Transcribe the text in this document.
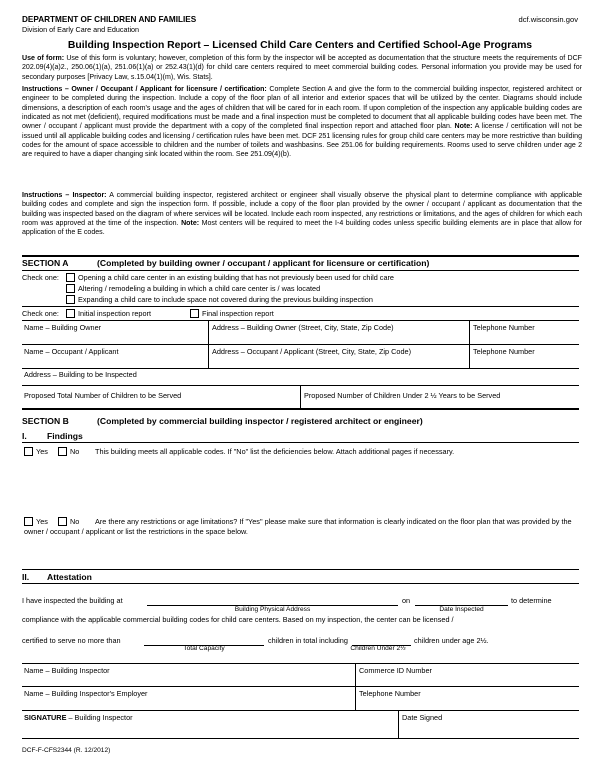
DEPARTMENT OF CHILDREN AND FAMILIES
Division of Early Care and Education
dcf.wisconsin.gov
Building Inspection Report – Licensed Child Care Centers and Certified School-Age Programs
Use of form: Use of this form is voluntary; however, completion of this form by the inspector will be accepted as documentation that the structure meets the requirements of DCF 202.09(4)(a)2., 250.06(1)(a), 251.06(1)(a) or 252.43(1)(d) for child care centers required to meet commercial building codes. Personal information you provide may be used for secondary purposes [Privacy Law, s.15.04(1)(m), Wis. Stats].
Instructions – Owner / Occupant / Applicant for licensure / certification: Complete Section A and give the form to the commercial building inspector, registered architect or engineer to be completed during the inspection. Include a copy of the floor plan of all interior and exterior spaces that will be utilized by the center. Diagrams should include dimensions, a description of each room's usage and the ages of children that will be cared for in each room. If upon completion of the inspection any applicable building codes are indicated as not met (deficient), required modifications must be made and a final inspection must be completed to document that all applicable building codes have been met. The owner / occupant / applicant must provide the department with a copy of the completed final inspection report and attached floor plan. Note: A license / certification will not be issued until all applicable building codes and licensing / certification rules have been met. DCF 251 licensing rules for group child care centers may be more restrictive than building codes for the amount of space accessible to children and the number of toilets and washbasins. See 251.06 for building requirements. Rooms used to serve children under age 2 are required to have a diaper changing sink located within the room. See 251.09(4)(b).
Instructions – Inspector: A commercial building inspector, registered architect or engineer shall visually observe the physical plant to determine compliance with applicable building codes and complete and sign the inspection form. If possible, include a copy of the floor plan provided by the owner / occupant / applicant as documentation that the building was inspected based on the diagram of where services will be located. Include each room inspected, any restrictions or limitations, and the ages of children for which each room was approved at the time of the inspection. Note: Most centers will be required to meet the I-4 building codes unless specific building elements are in place that allow for application of the E codes.
SECTION A	(Completed by building owner / occupant / applicant for licensure or certification)
Check one:	Opening a child care center in an existing building that has not previously been used for child care
Altering / remodeling a building in which a child care center is / was located
Expanding a child care to include space not covered during the previous building inspection
Check one:	Initial inspection report	Final inspection report
Name – Building Owner	Address – Building Owner (Street, City, State, Zip Code)	Telephone Number
Name – Occupant / Applicant	Address – Occupant / Applicant (Street, City, State, Zip Code)	Telephone Number
Address – Building to be Inspected
Proposed Total Number of Children to be Served	Proposed Number of Children Under 2 ½ Years to be Served
SECTION B	(Completed by commercial building inspector / registered architect or engineer)
I. Findings
Yes	No This building meets all applicable codes. If "No" list the deficiencies below. Attach additional pages if necessary.
Yes	No	Are there any restrictions or age limitations? If "Yes" please make sure that information is clearly indicated on the floor plan that was provided by the owner / occupant / applicant or list the restrictions in the space below.
II. Attestation
I have inspected the building at	on	to determine
Building Physical Address	Date Inspected
compliance with the applicable commercial building codes for child care centers. Based on my inspection, the center can be licensed /
certified to serve no more than	children in total including	children under age 2½.
Total Capacity	Children Under 2½
Name – Building Inspector	Commerce ID Number
Name – Building Inspector's Employer	Telephone Number
SIGNATURE – Building Inspector	Date Signed
DCF-F-CFS2344 (R. 12/2012)
